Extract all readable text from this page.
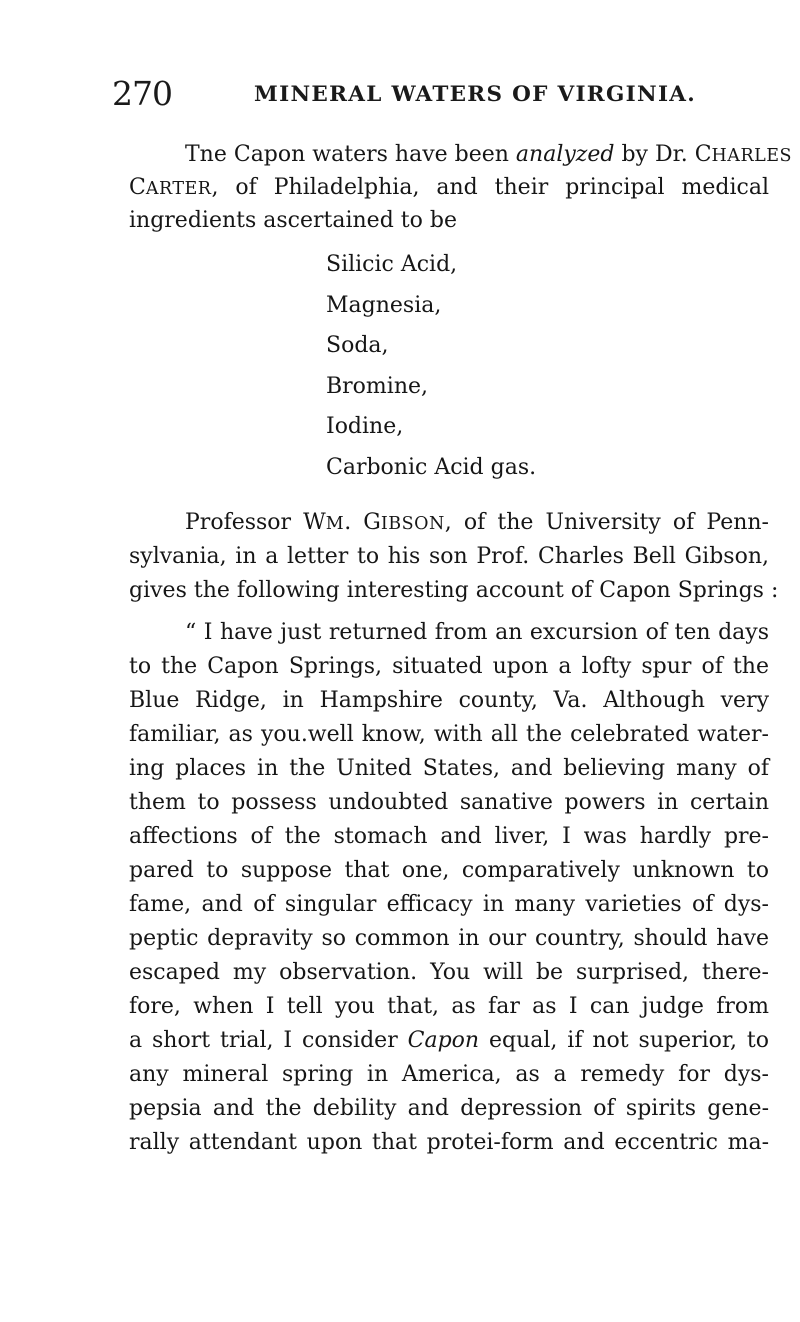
270	MINERAL WATERS OF VIRGINIA.
Tne Capon waters have been analyzed by Dr. CHARLES
CARTER, of Philadelphia, and their principal medical
ingredients ascertained to be
Silicic Acid,
Magnesia,
Soda,
Bromine,
Iodine,
Carbonic Acid gas.
Professor WM. GIBSON, of the University of Penn-
sylvania, in a letter to his son Prof. Charles Bell Gibson,
gives the following interesting account of Capon Springs :
“ I have just returned from an excursion of ten days
to the Capon Springs, situated upon a lofty spur of the
Blue Ridge, in Hampshire county, Va. Although very
familiar, as you.well know, with all the celebrated water-
ing places in the United States, and believing many of
them to possess undoubted sanative powers in certain
affections of the stomach and liver, I was hardly pre-
pared to suppose that one, comparatively unknown to
fame, and of singular efficacy in many varieties of dys-
peptic depravity so common in our country, should have
escaped my observation. You will be surprised, there-
fore, when I tell you that, as far as I can judge from
a short trial, I consider Capon equal, if not superior, to
any mineral spring in America, as a remedy for dys-
pepsia and the debility and depression of spirits gene-
rally attendant upon that protei-form and eccentric ma-
